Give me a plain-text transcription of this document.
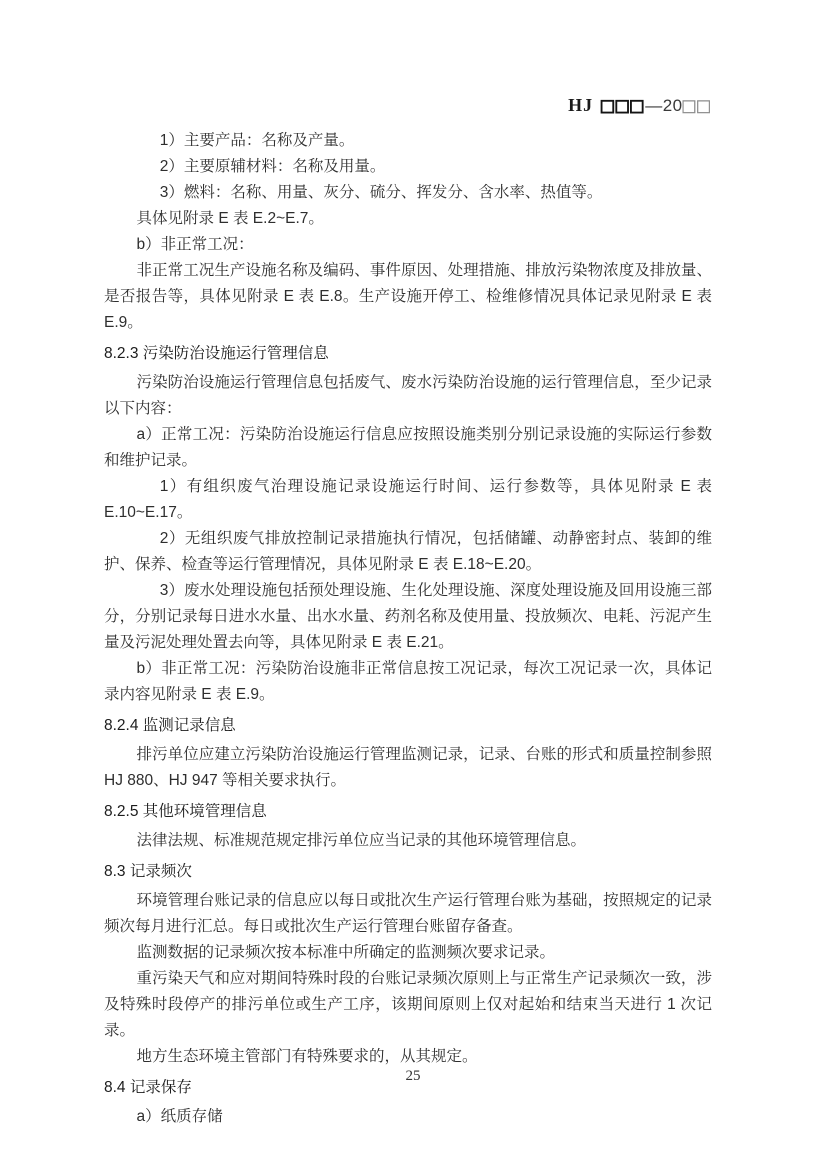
HJ □□□—20□□

1）主要产品：名称及产量。

2）主要原辅材料：名称及用量。

3）燃料：名称、用量、灰分、硫分、挥发分、含水率、热值等。

具体见附录 E 表 E.2~E.7。

b）非正常工况：

非正常工况生产设施名称及编码、事件原因、处理措施、排放污染物浓度及排放量、是否报告等，具体见附录 E 表 E.8。生产设施开停工、检维修情况具体记录见附录 E 表 E.9。

8.2.3 污染防治设施运行管理信息

污染防治设施运行管理信息包括废气、废水污染防治设施的运行管理信息，至少记录以下内容：

a）正常工况：污染防治设施运行信息应按照设施类别分别记录设施的实际运行参数和维护记录。

1）有组织废气治理设施记录设施运行时间、运行参数等，具体见附录 E 表 E.10~E.17。

2）无组织废气排放控制记录措施执行情况，包括储罐、动静密封点、装卸的维护、保养、检查等运行管理情况，具体见附录 E 表 E.18~E.20。

3）废水处理设施包括预处理设施、生化处理设施、深度处理设施及回用设施三部分，分别记录每日进水水量、出水水量、药剂名称及使用量、投放频次、电耗、污泥产生量及污泥处理处置去向等，具体见附录 E 表 E.21。

b）非正常工况：污染防治设施非正常信息按工况记录，每次工况记录一次，具体记录内容见附录 E 表 E.9。

8.2.4 监测记录信息

排污单位应建立污染防治设施运行管理监测记录，记录、台账的形式和质量控制参照 HJ 880、HJ 947 等相关要求执行。

8.2.5 其他环境管理信息

法律法规、标准规范规定排污单位应当记录的其他环境管理信息。

8.3 记录频次

环境管理台账记录的信息应以每日或批次生产运行管理台账为基础，按照规定的记录频次每月进行汇总。每日或批次生产运行管理台账留存备查。

监测数据的记录频次按本标准中所确定的监测频次要求记录。

重污染天气和应对期间特殊时段的台账记录频次原则上与正常生产记录频次一致，涉及特殊时段停产的排污单位或生产工序，该期间原则上仅对起始和结束当天进行 1 次记录。

地方生态环境主管部门有特殊要求的，从其规定。

8.4 记录保存

a）纸质存储

25
